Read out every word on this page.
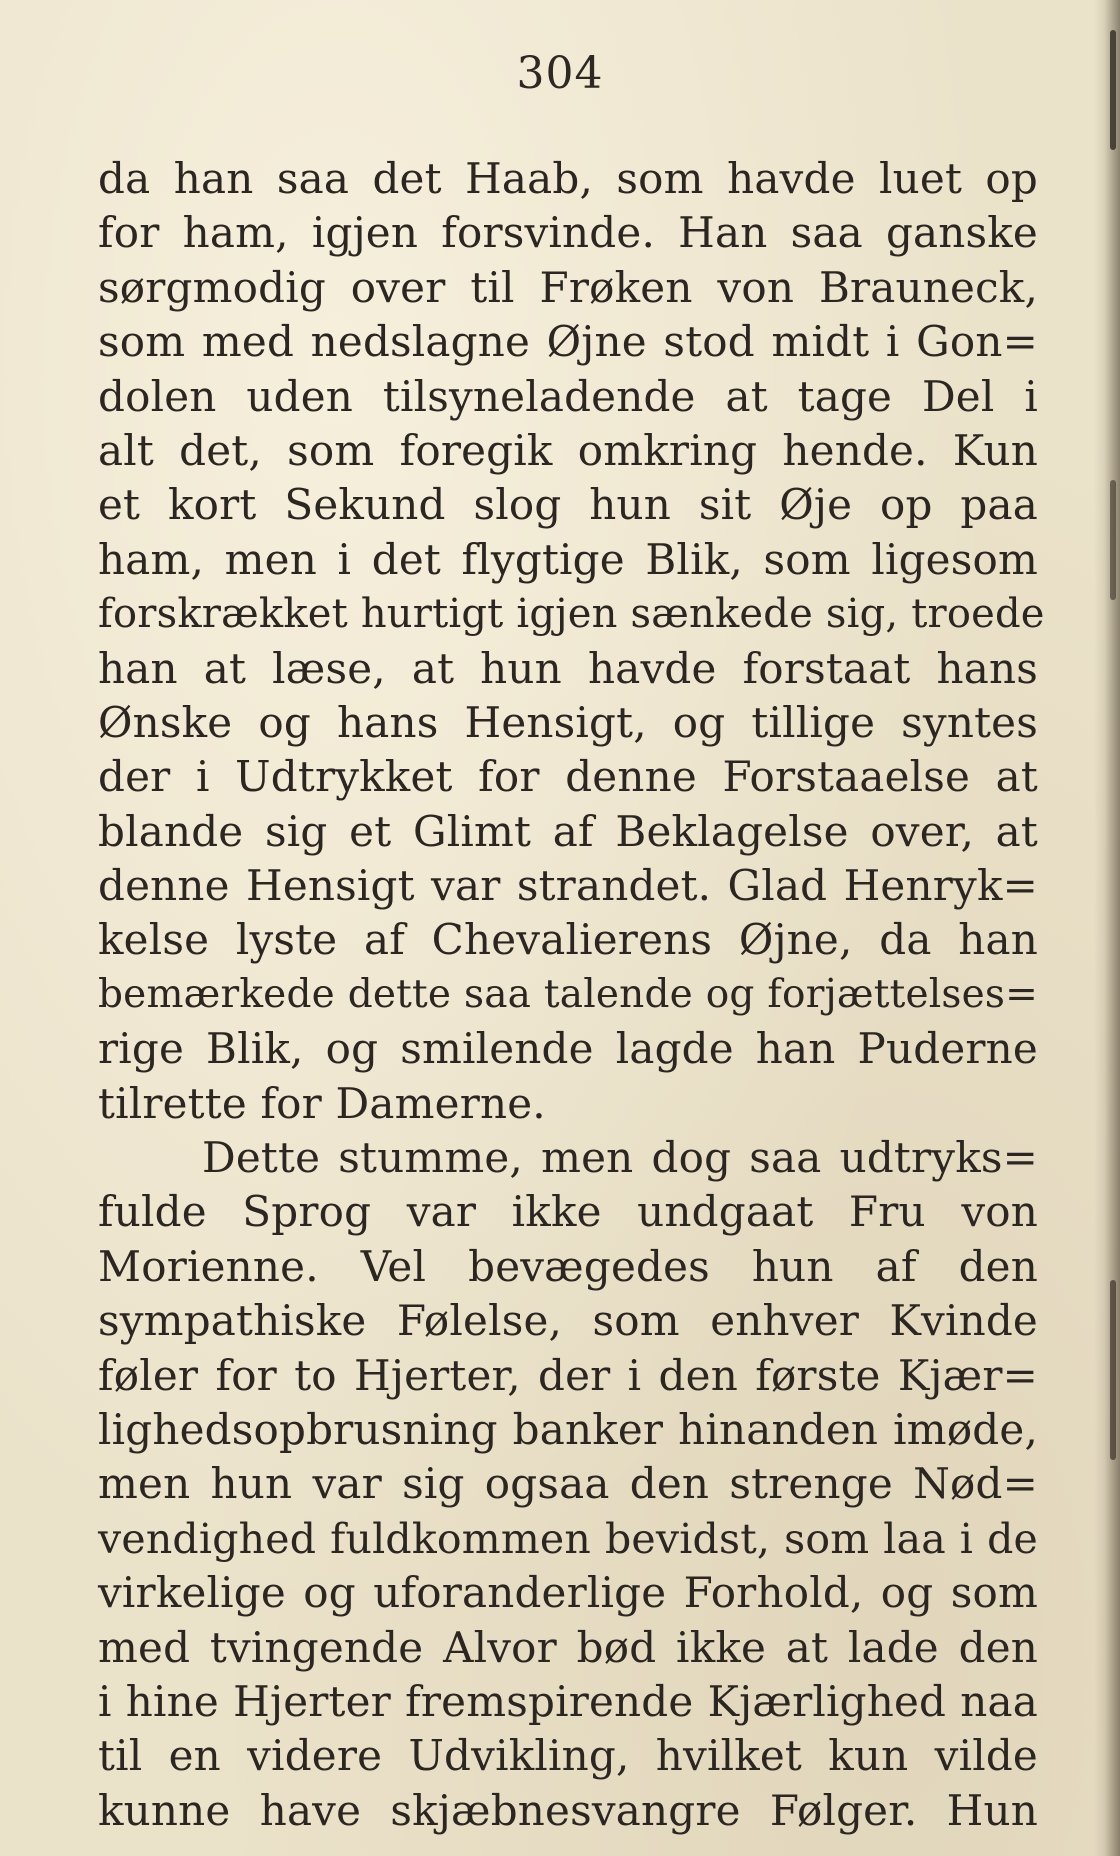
304
da han saa det Haab, som havde luet op
for ham, igjen forsvinde. Han saa ganske
sørgmodig over til Frøken von Brauneck,
som med nedslagne Øjne stod midt i Gon=
dolen uden tilsyneladende at tage Del i
alt det, som foregik omkring hende. Kun
et kort Sekund slog hun sit Øje op paa
ham, men i det flygtige Blik, som ligesom
forskrækket hurtigt igjen sænkede sig, troede
han at læse, at hun havde forstaat hans
Ønske og hans Hensigt, og tillige syntes
der i Udtrykket for denne Forstaaelse at
blande sig et Glimt af Beklagelse over, at
denne Hensigt var strandet. Glad Henryk=
kelse lyste af Chevalierens Øjne, da han
bemærkede dette saa talende og forjættelses=
rige Blik, og smilende lagde han Puderne
tilrette for Damerne.
Dette stumme, men dog saa udtryks=
fulde Sprog var ikke undgaat Fru von
Morienne. Vel bevægedes hun af den
sympathiske Følelse, som enhver Kvinde
føler for to Hjerter, der i den første Kjær=
lighedsopbrusning banker hinanden imøde,
men hun var sig ogsaa den strenge Nød=
vendighed fuldkommen bevidst, som laa i de
virkelige og uforanderlige Forhold, og som
med tvingende Alvor bød ikke at lade den
i hine Hjerter fremspirende Kjærlighed naa
til en videre Udvikling, hvilket kun vilde
kunne have skjæbnesvangre Følger. Hun
